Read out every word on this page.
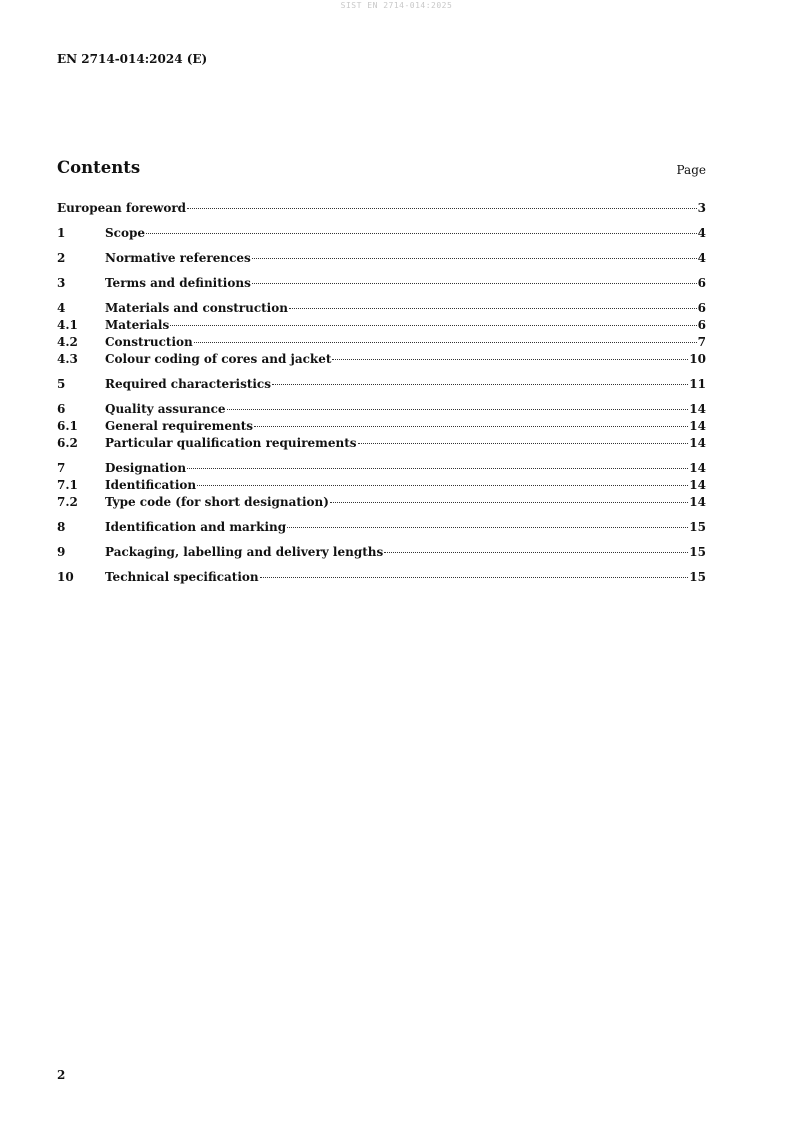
SIST EN 2714-014:2025
EN 2714-014:2024 (E)
Contents	Page
European foreword	3
1	Scope	4
2	Normative references	4
3	Terms and definitions	6
4	Materials and construction	6
4.1	Materials	6
4.2	Construction	7
4.3	Colour coding of cores and jacket	10
5	Required characteristics	11
6	Quality assurance	14
6.1	General requirements	14
6.2	Particular qualification requirements	14
7	Designation	14
7.1	Identification	14
7.2	Type code (for short designation)	14
8	Identification and marking	15
9	Packaging, labelling and delivery lengths	15
10	Technical specification	15
2
